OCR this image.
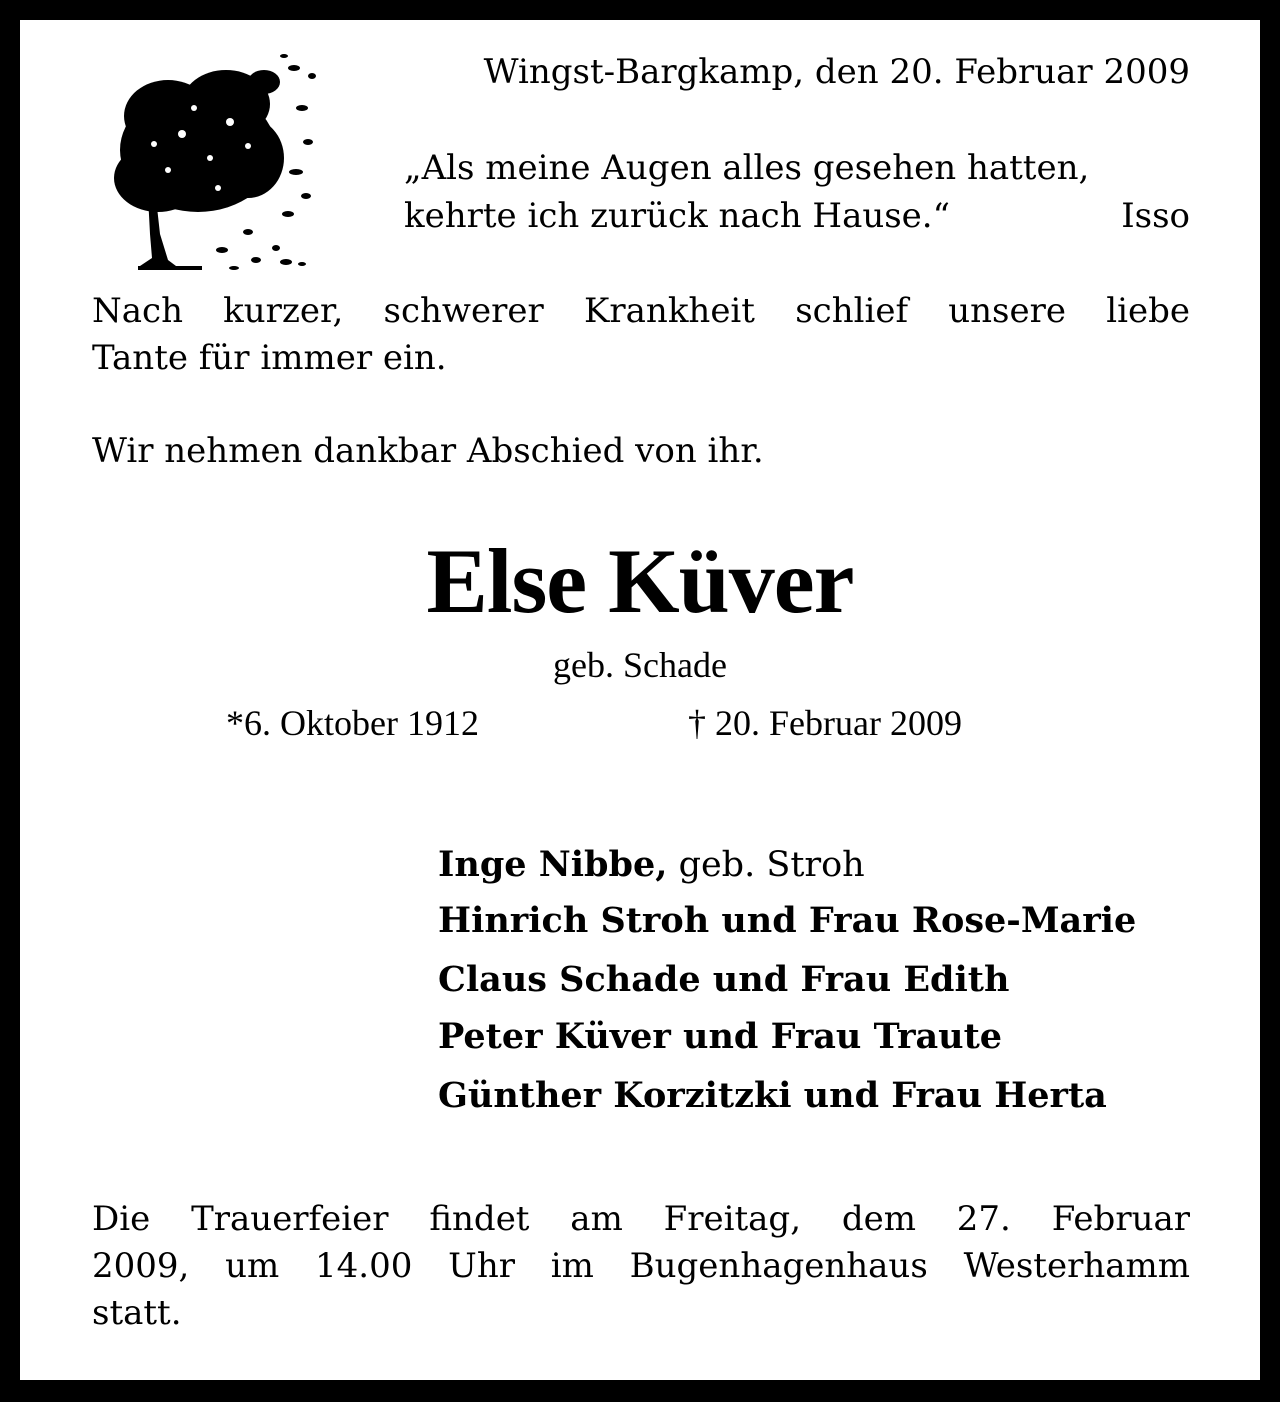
Wingst-Bargkamp, den 20. Februar 2009
„Als meine Augen alles gesehen hatten,
kehrte ich zurück nach Hause.“	Isso
Nach kurzer, schwerer Krankheit schlief unsere liebe
Tante für immer ein.
Wir nehmen dankbar Abschied von ihr.
Else Küver
geb. Schade
*6. Oktober 1912	† 20. Februar 2009
Inge Nibbe, geb. Stroh
Hinrich Stroh und Frau Rose-Marie
Claus Schade und Frau Edith
Peter Küver und Frau Traute
Günther Korzitzki und Frau Herta
Die Trauerfeier findet am Freitag, dem 27. Februar
2009, um 14.00 Uhr im Bugenhagenhaus Westerhamm
statt.
